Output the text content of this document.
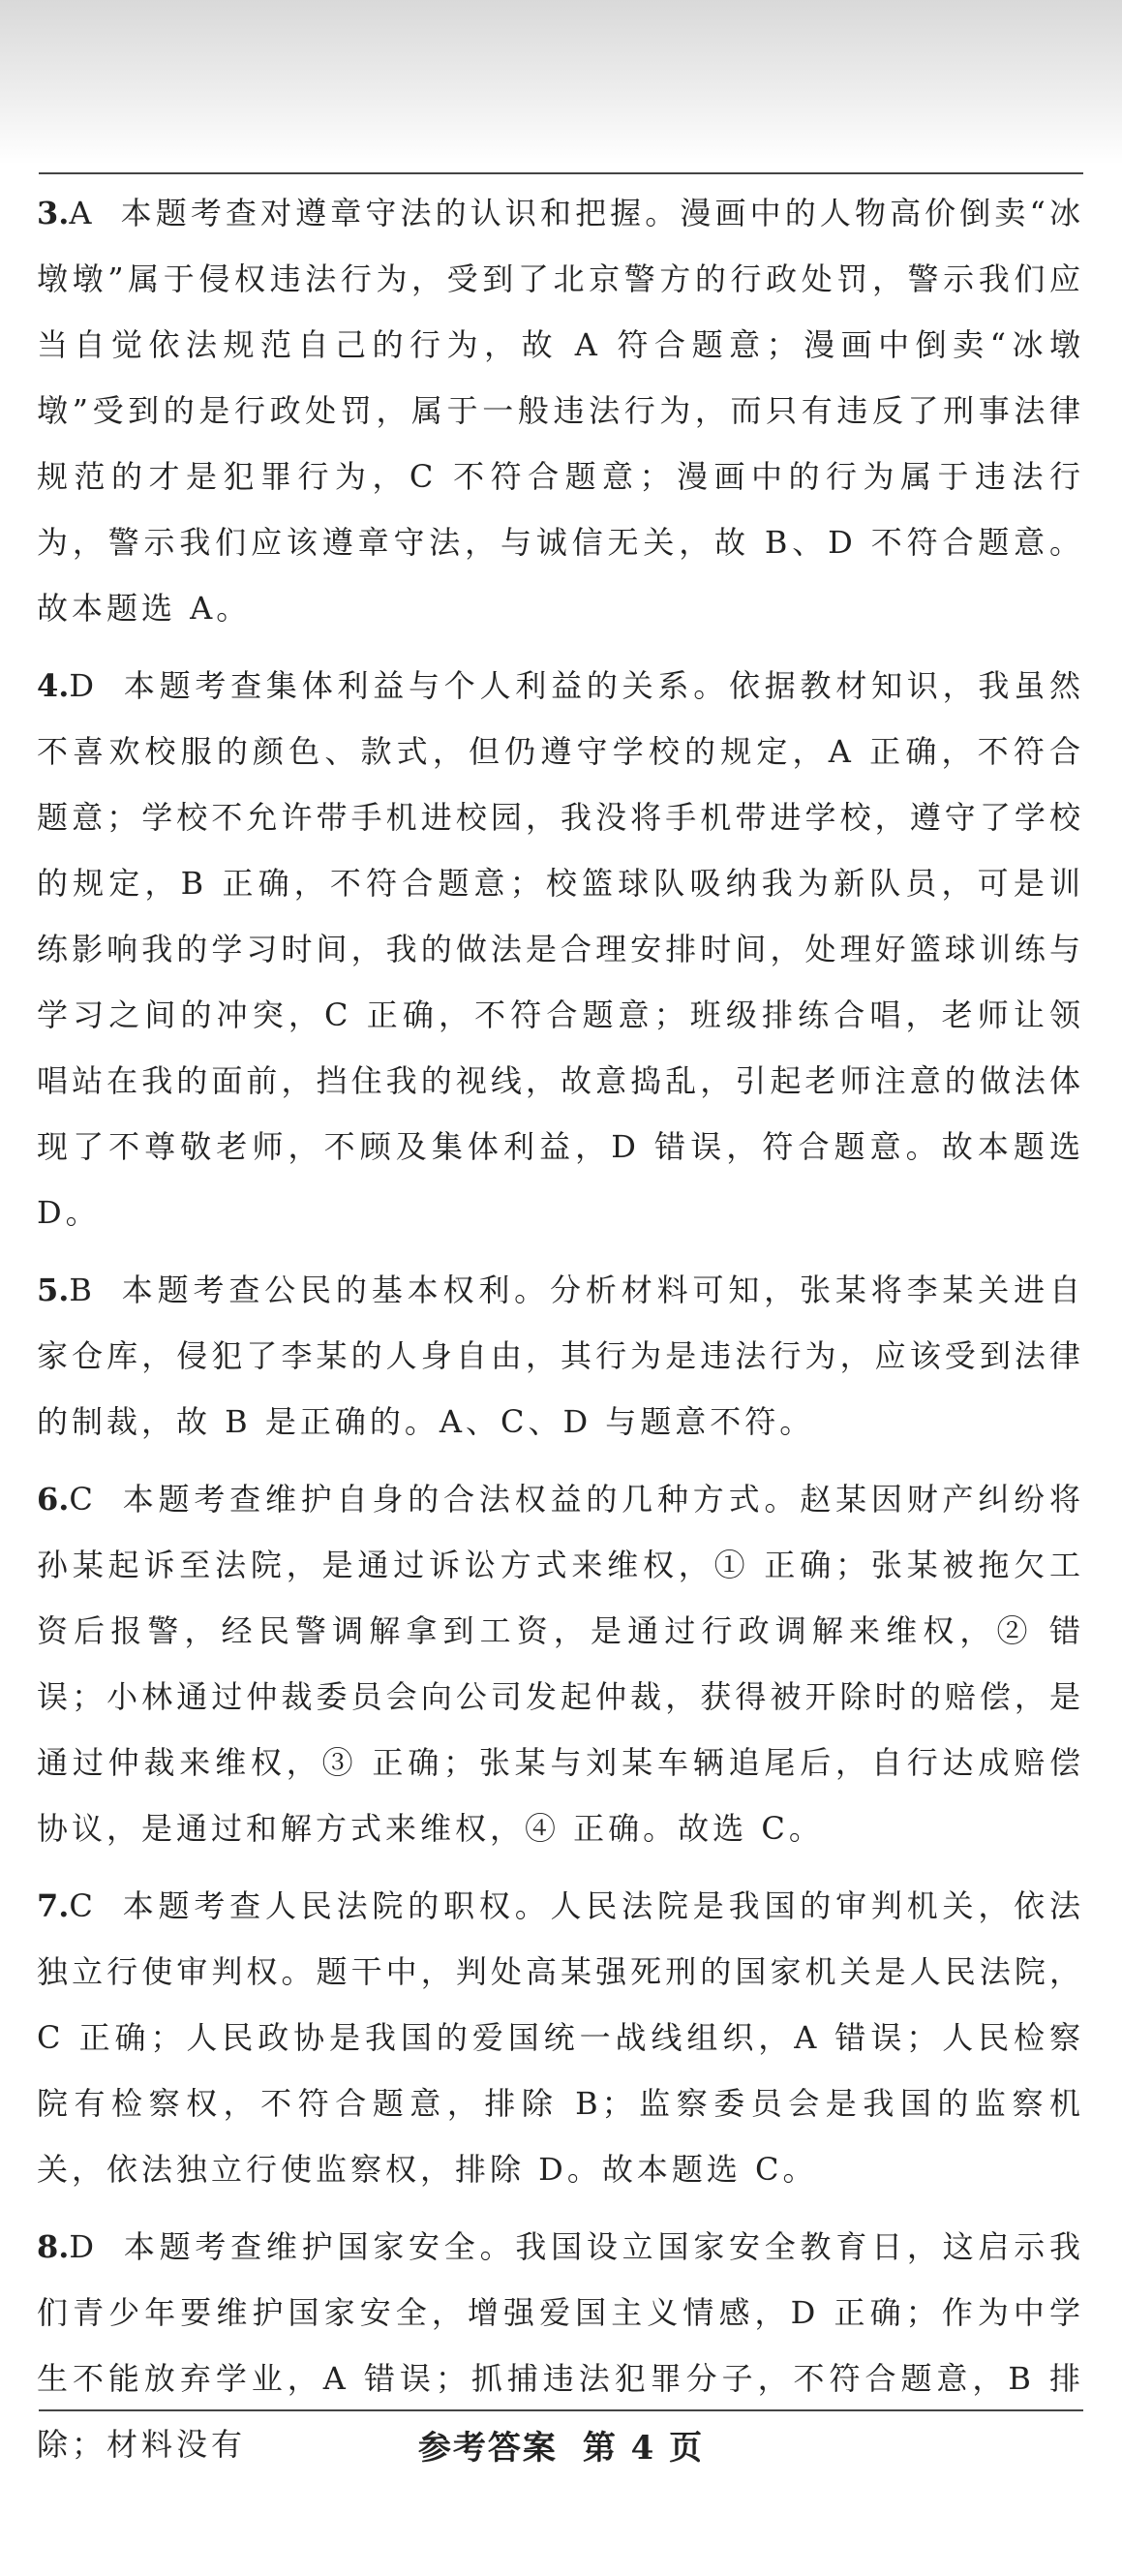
3.A 本题考查对遵章守法的认识和把握。漫画中的人物高价倒卖“冰墩墩”属于侵权违法行为，受到了北京警方的行政处罚，警示我们应当自觉依法规范自己的行为，故 A 符合题意；漫画中倒卖“冰墩墩”受到的是行政处罚，属于一般违法行为，而只有违反了刑事法律规范的才是犯罪行为，C 不符合题意；漫画中的行为属于违法行为，警示我们应该遵章守法，与诚信无关，故 B、D 不符合题意。故本题选 A。

4.D 本题考查集体利益与个人利益的关系。依据教材知识，我虽然不喜欢校服的颜色、款式，但仍遵守学校的规定，A 正确，不符合题意；学校不允许带手机进校园，我没将手机带进学校，遵守了学校的规定，B 正确，不符合题意；校篮球队吸纳我为新队员，可是训练影响我的学习时间，我的做法是合理安排时间，处理好篮球训练与学习之间的冲突，C 正确，不符合题意；班级排练合唱，老师让领唱站在我的面前，挡住我的视线，故意捣乱，引起老师注意的做法体现了不尊敬老师，不顾及集体利益，D 错误，符合题意。故本题选 D。

5.B 本题考查公民的基本权利。分析材料可知，张某将李某关进自家仓库，侵犯了李某的人身自由，其行为是违法行为，应该受到法律的制裁，故 B 是正确的。A、C、D 与题意不符。

6.C 本题考查维护自身的合法权益的几种方式。赵某因财产纠纷将孙某起诉至法院，是通过诉讼方式来维权，① 正确；张某被拖欠工资后报警，经民警调解拿到工资，是通过行政调解来维权，② 错误；小林通过仲裁委员会向公司发起仲裁，获得被开除时的赔偿，是通过仲裁来维权，③ 正确；张某与刘某车辆追尾后，自行达成赔偿协议，是通过和解方式来维权，④ 正确。故选 C。

7.C 本题考查人民法院的职权。人民法院是我国的审判机关，依法独立行使审判权。题干中，判处高某强死刑的国家机关是人民法院，C 正确；人民政协是我国的爱国统一战线组织，A 错误；人民检察院有检察权，不符合题意，排除 B；监察委员会是我国的监察机关，依法独立行使监察权，排除 D。故本题选 C。

8.D 本题考查维护国家安全。我国设立国家安全教育日，这启示我们青少年要维护国家安全，增强爱国主义情感，D 正确；作为中学生不能放弃学业，A 错误；抓捕违法犯罪分子，不符合题意，B 排除；材料没有	参考答案 第 4 页
